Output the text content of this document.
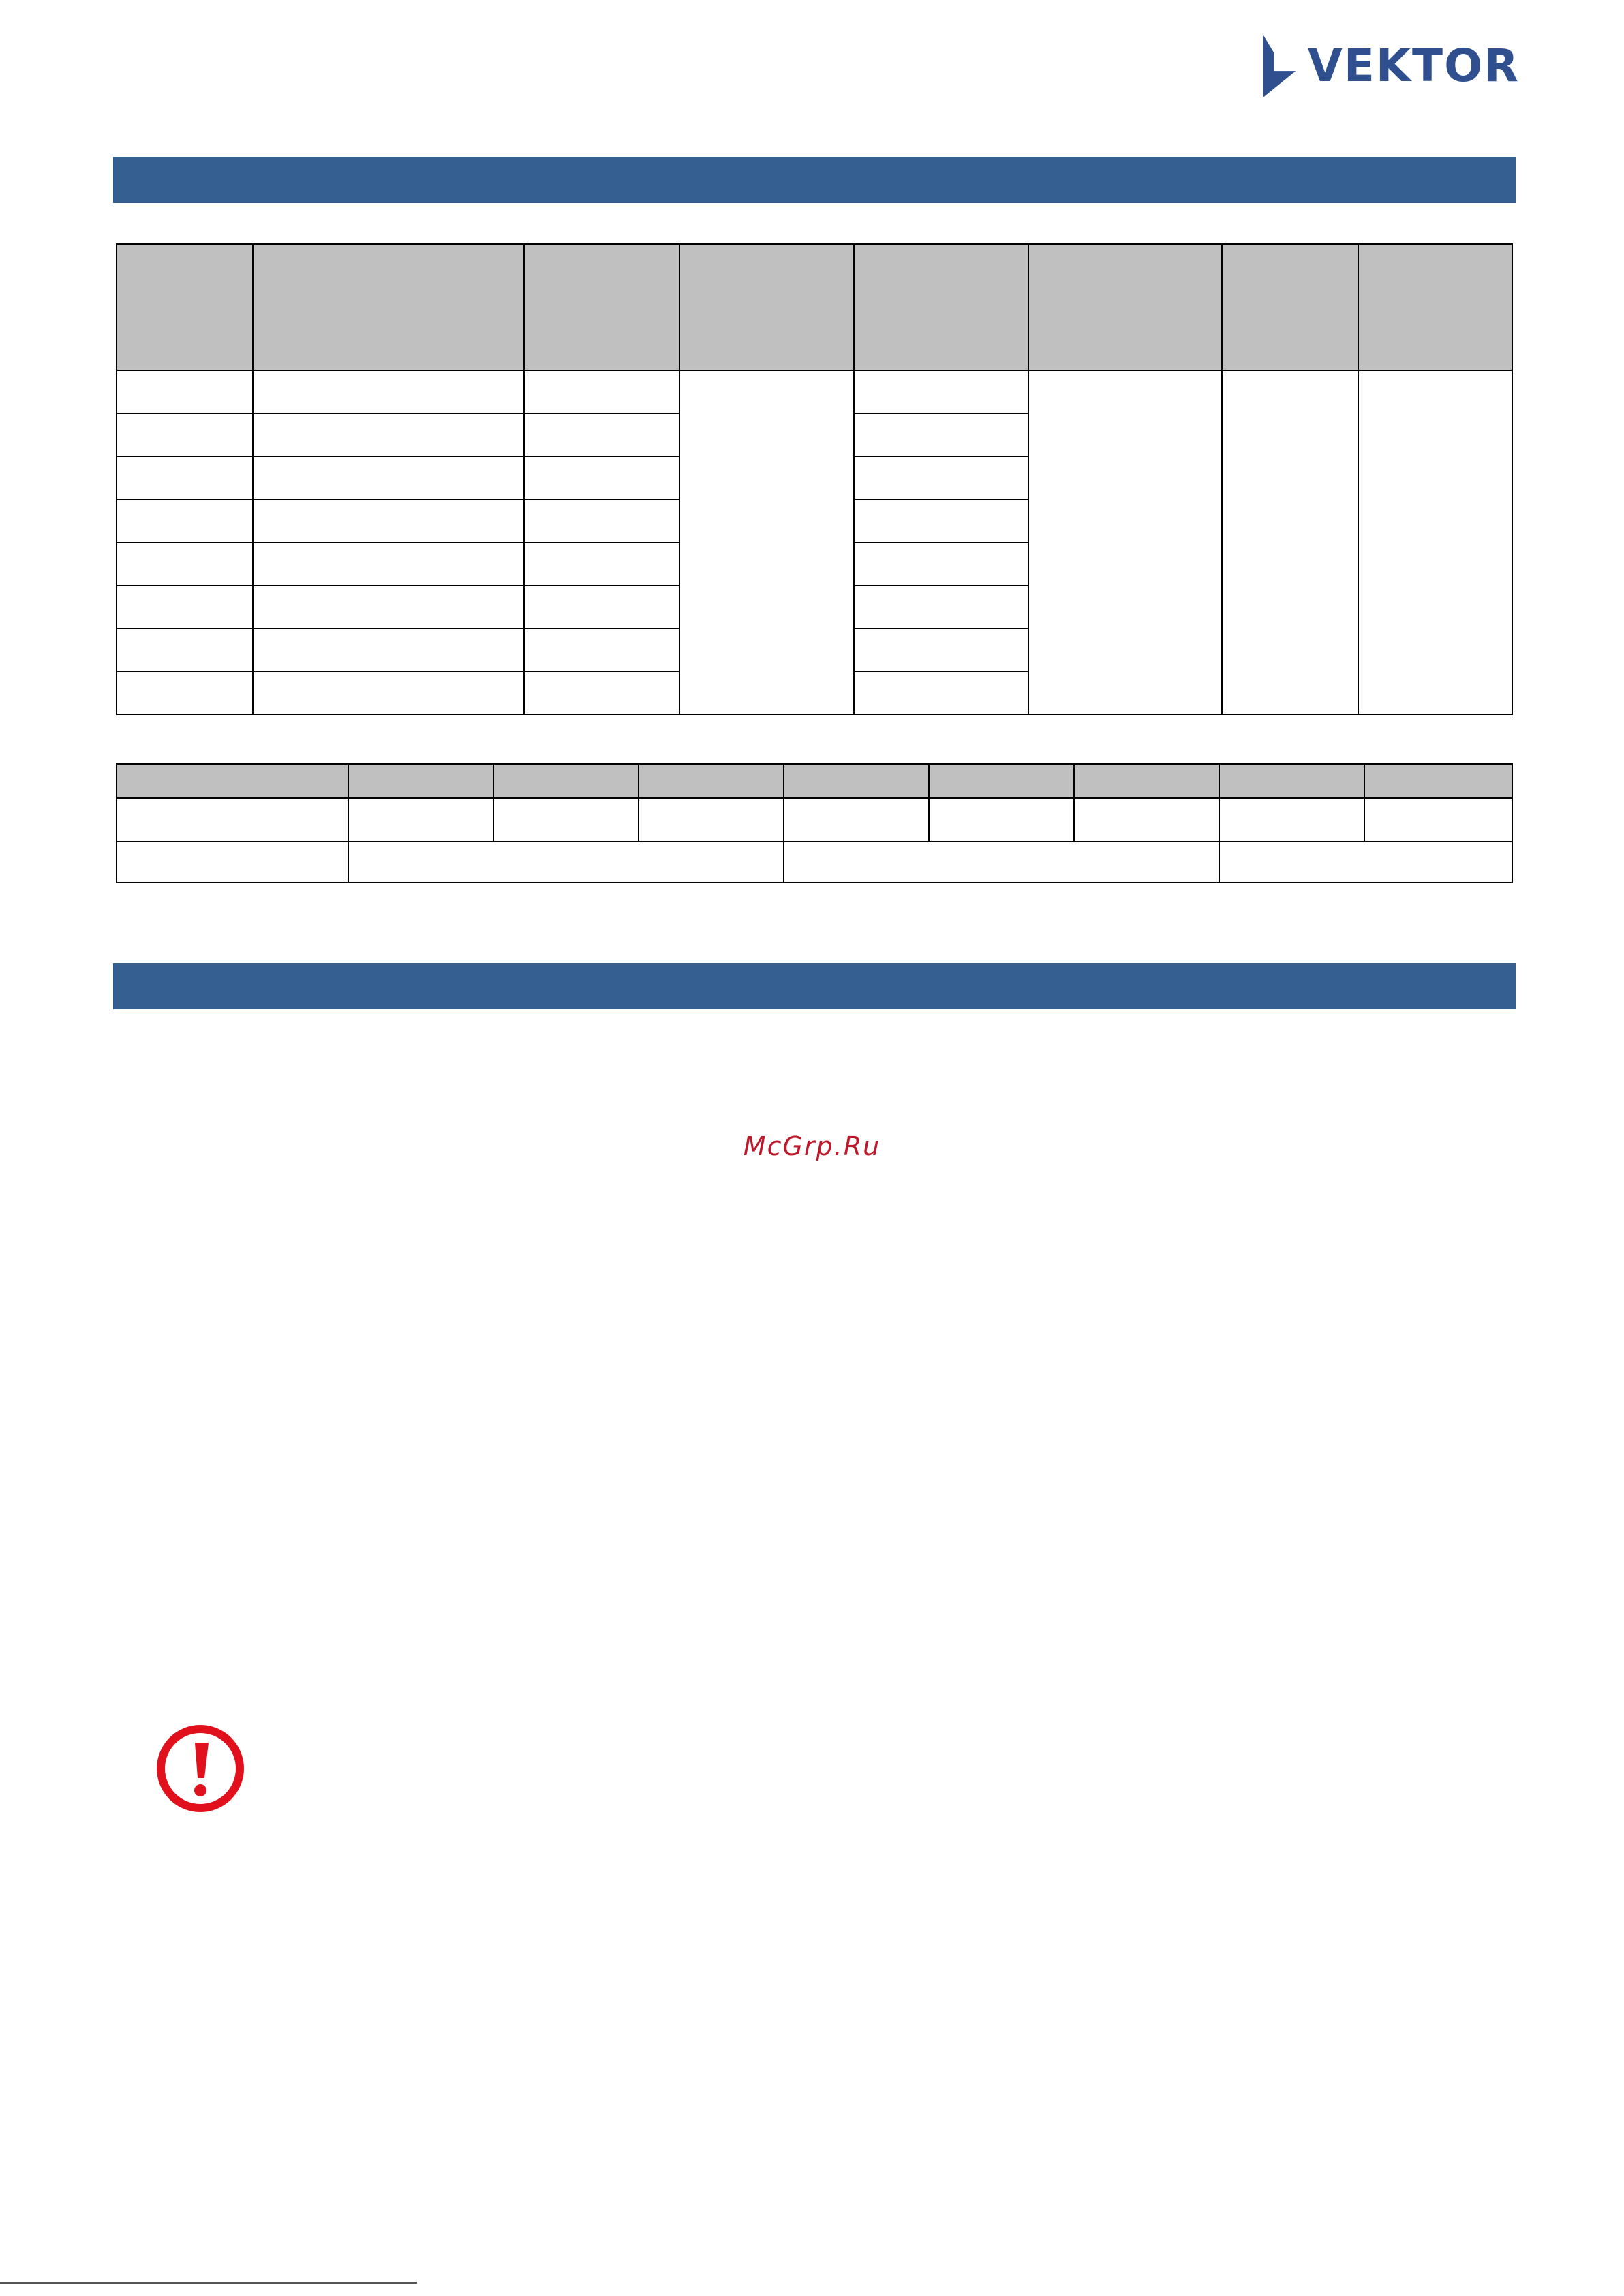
VEKTOR

McGrp.Ru
